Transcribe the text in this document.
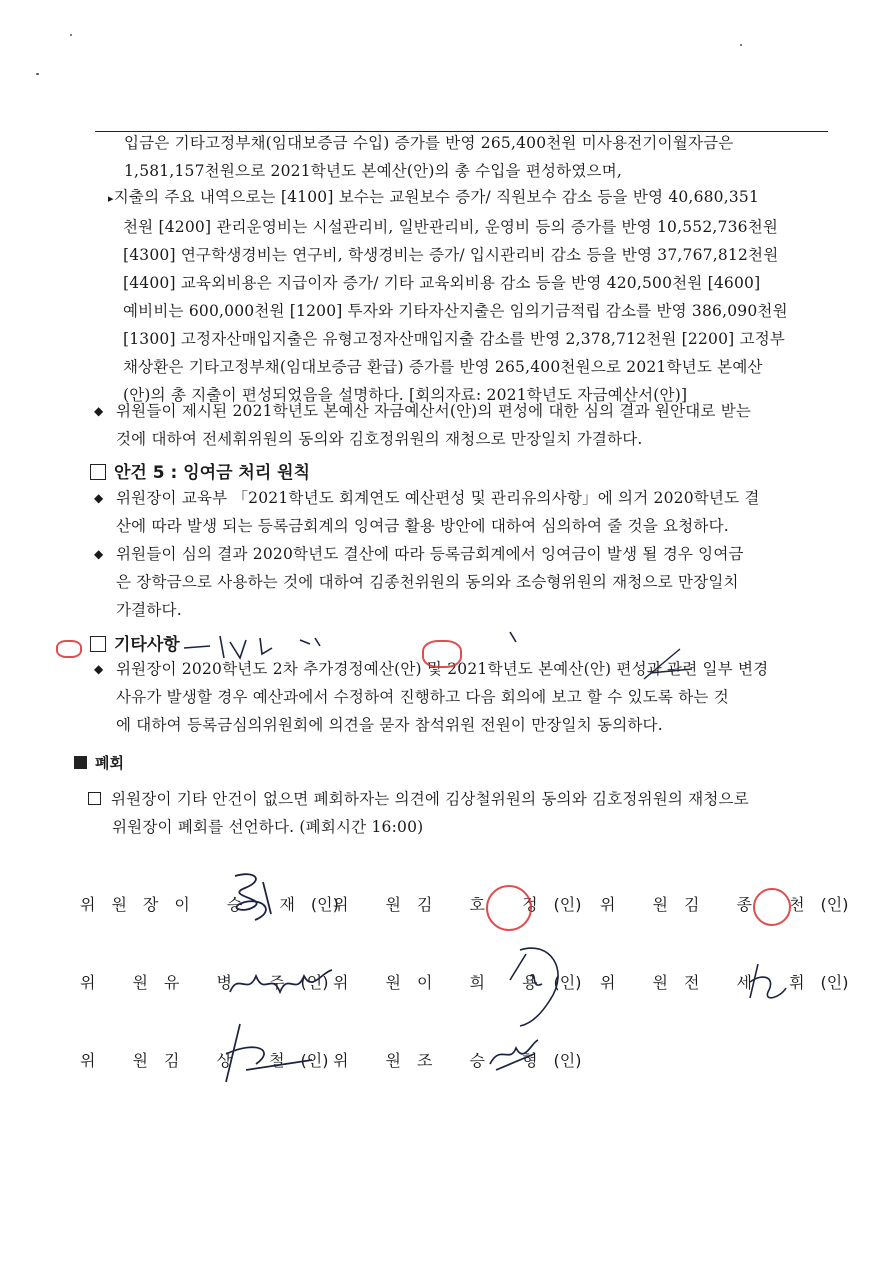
입금은 기타고정부채(임대보증금 수입) 증가를 반영 265,400천원 미사용전기이월자금은
1,581,157천원으로 2021학년도 본예산(안)의 총 수입을 편성하였으며,
▸지출의 주요 내역으로는 [4100] 보수는 교원보수 증가/ 직원보수 감소 등을 반영 40,680,351
천원 [4200] 관리운영비는 시설관리비, 일반관리비, 운영비 등의 증가를 반영 10,552,736천원
[4300] 연구학생경비는 연구비, 학생경비는 증가/ 입시관리비 감소 등을 반영 37,767,812천원
[4400] 교육외비용은 지급이자 증가/ 기타 교육외비용 감소 등을 반영 420,500천원 [4600]
예비비는 600,000천원 [1200] 투자와 기타자산지출은 임의기금적립 감소를 반영 386,090천원
[1300] 고정자산매입지출은 유형고정자산매입지출 감소를 반영 2,378,712천원 [2200] 고정부
채상환은 기타고정부채(임대보증금 환급) 증가를 반영 265,400천원으로 2021학년도 본예산
(안)의 총 지출이 편성되었음을 설명하다. [회의자료: 2021학년도 자금예산서(안)]
◆ 위원들이 제시된 2021학년도 본예산 자금예산서(안)의 편성에 대한 심의 결과 원안대로 받는
것에 대하여 전세휘위원의 동의와 김호정위원의 재청으로 만장일치 가결하다.
안건 5 : 잉여금 처리 원칙
◆ 위원장이 교육부 「2021학년도 회계연도 예산편성 및 관리유의사항」에 의거 2020학년도 결
산에 따라 발생 되는 등록금회계의 잉여금 활용 방안에 대하여 심의하여 줄 것을 요청하다.
◆ 위원들이 심의 결과 2020학년도 결산에 따라 등록금회계에서 잉여금이 발생 될 경우 잉여금
은 장학금으로 사용하는 것에 대하여 김종천위원의 동의와 조승형위원의 재청으로 만장일치
가결하다.
기타사항
◆ 위원장이 2020학년도 2차 추가경정예산(안) 및 2021학년도 본예산(안) 편성과 관련 일부 변경
사유가 발생할 경우 예산과에서 수정하여 진행하고 다음 회의에 보고 할 수 있도록 하는 것
에 대하여 등록금심의위원회에 의견을 묻자 참석위원 전원이 만장일치 동의하다.
폐회
위원장이 기타 안건이 없으면 폐회하자는 의견에 김상철위원의 동의와 김호정위원의 재청으로
위원장이 폐회를 선언하다. (폐회시간 16:00)
위원장이 승 재(인)
위 원김 호 정(인) 위 원김 종 천(인)
위 원유 병 주(인) 위 원이 희 용(인) 위 원전 세 휘(인)
위 원김 상 철(인) 위 원조 승 형(인)
